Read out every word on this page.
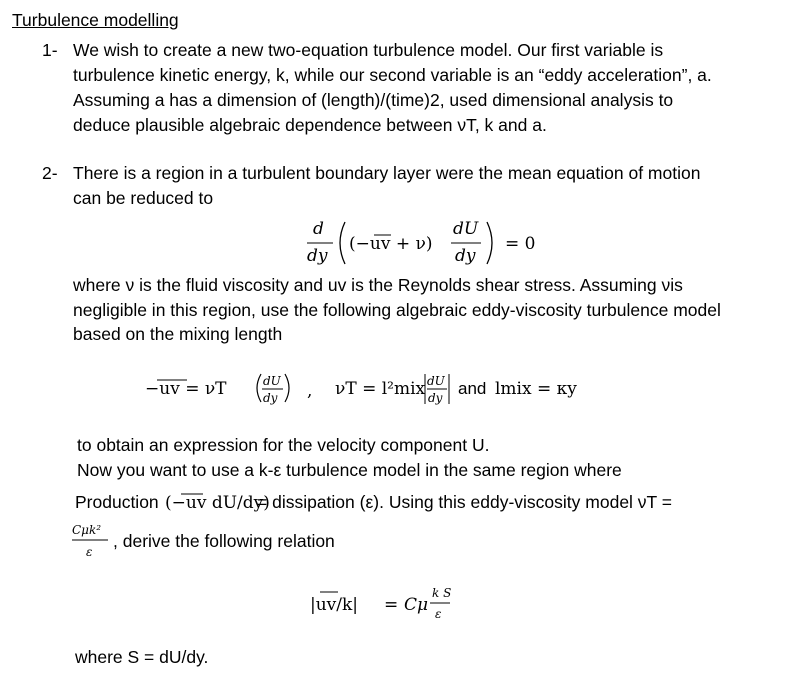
Turbulence modelling
1- We wish to create a new two-equation turbulence model. Our first variable is
turbulence kinetic energy, k, while our second variable is an “eddy acceleration”, a.
Assuming a has a dimension of (length)/(time)2, used dimensional analysis to
deduce plausible algebraic dependence between νT, k and a.
2- There is a region in a turbulent boundary layer were the mean equation of motion
can be reduced to
d
dy
(−uv + ν)
dU
dy
= 0
where ν is the fluid viscosity and uv is the Reynolds shear stress. Assuming νis
negligible in this region, use the following algebraic eddy-viscosity turbulence model
based on the mixing length
−uv = νT	dU
dy , νT = l²mix dU
dy and lmix = κy
to obtain an expression for the velocity component U.
Now you want to use a k-ε turbulence model in the same region where
Production (−uv dU/dy)
= dissipation (ε). Using this eddy-viscosity model νT =
Cμk²
ε
, derive the following relation
|uv/k| = Cμ
k S
ε
where S = dU/dy.
